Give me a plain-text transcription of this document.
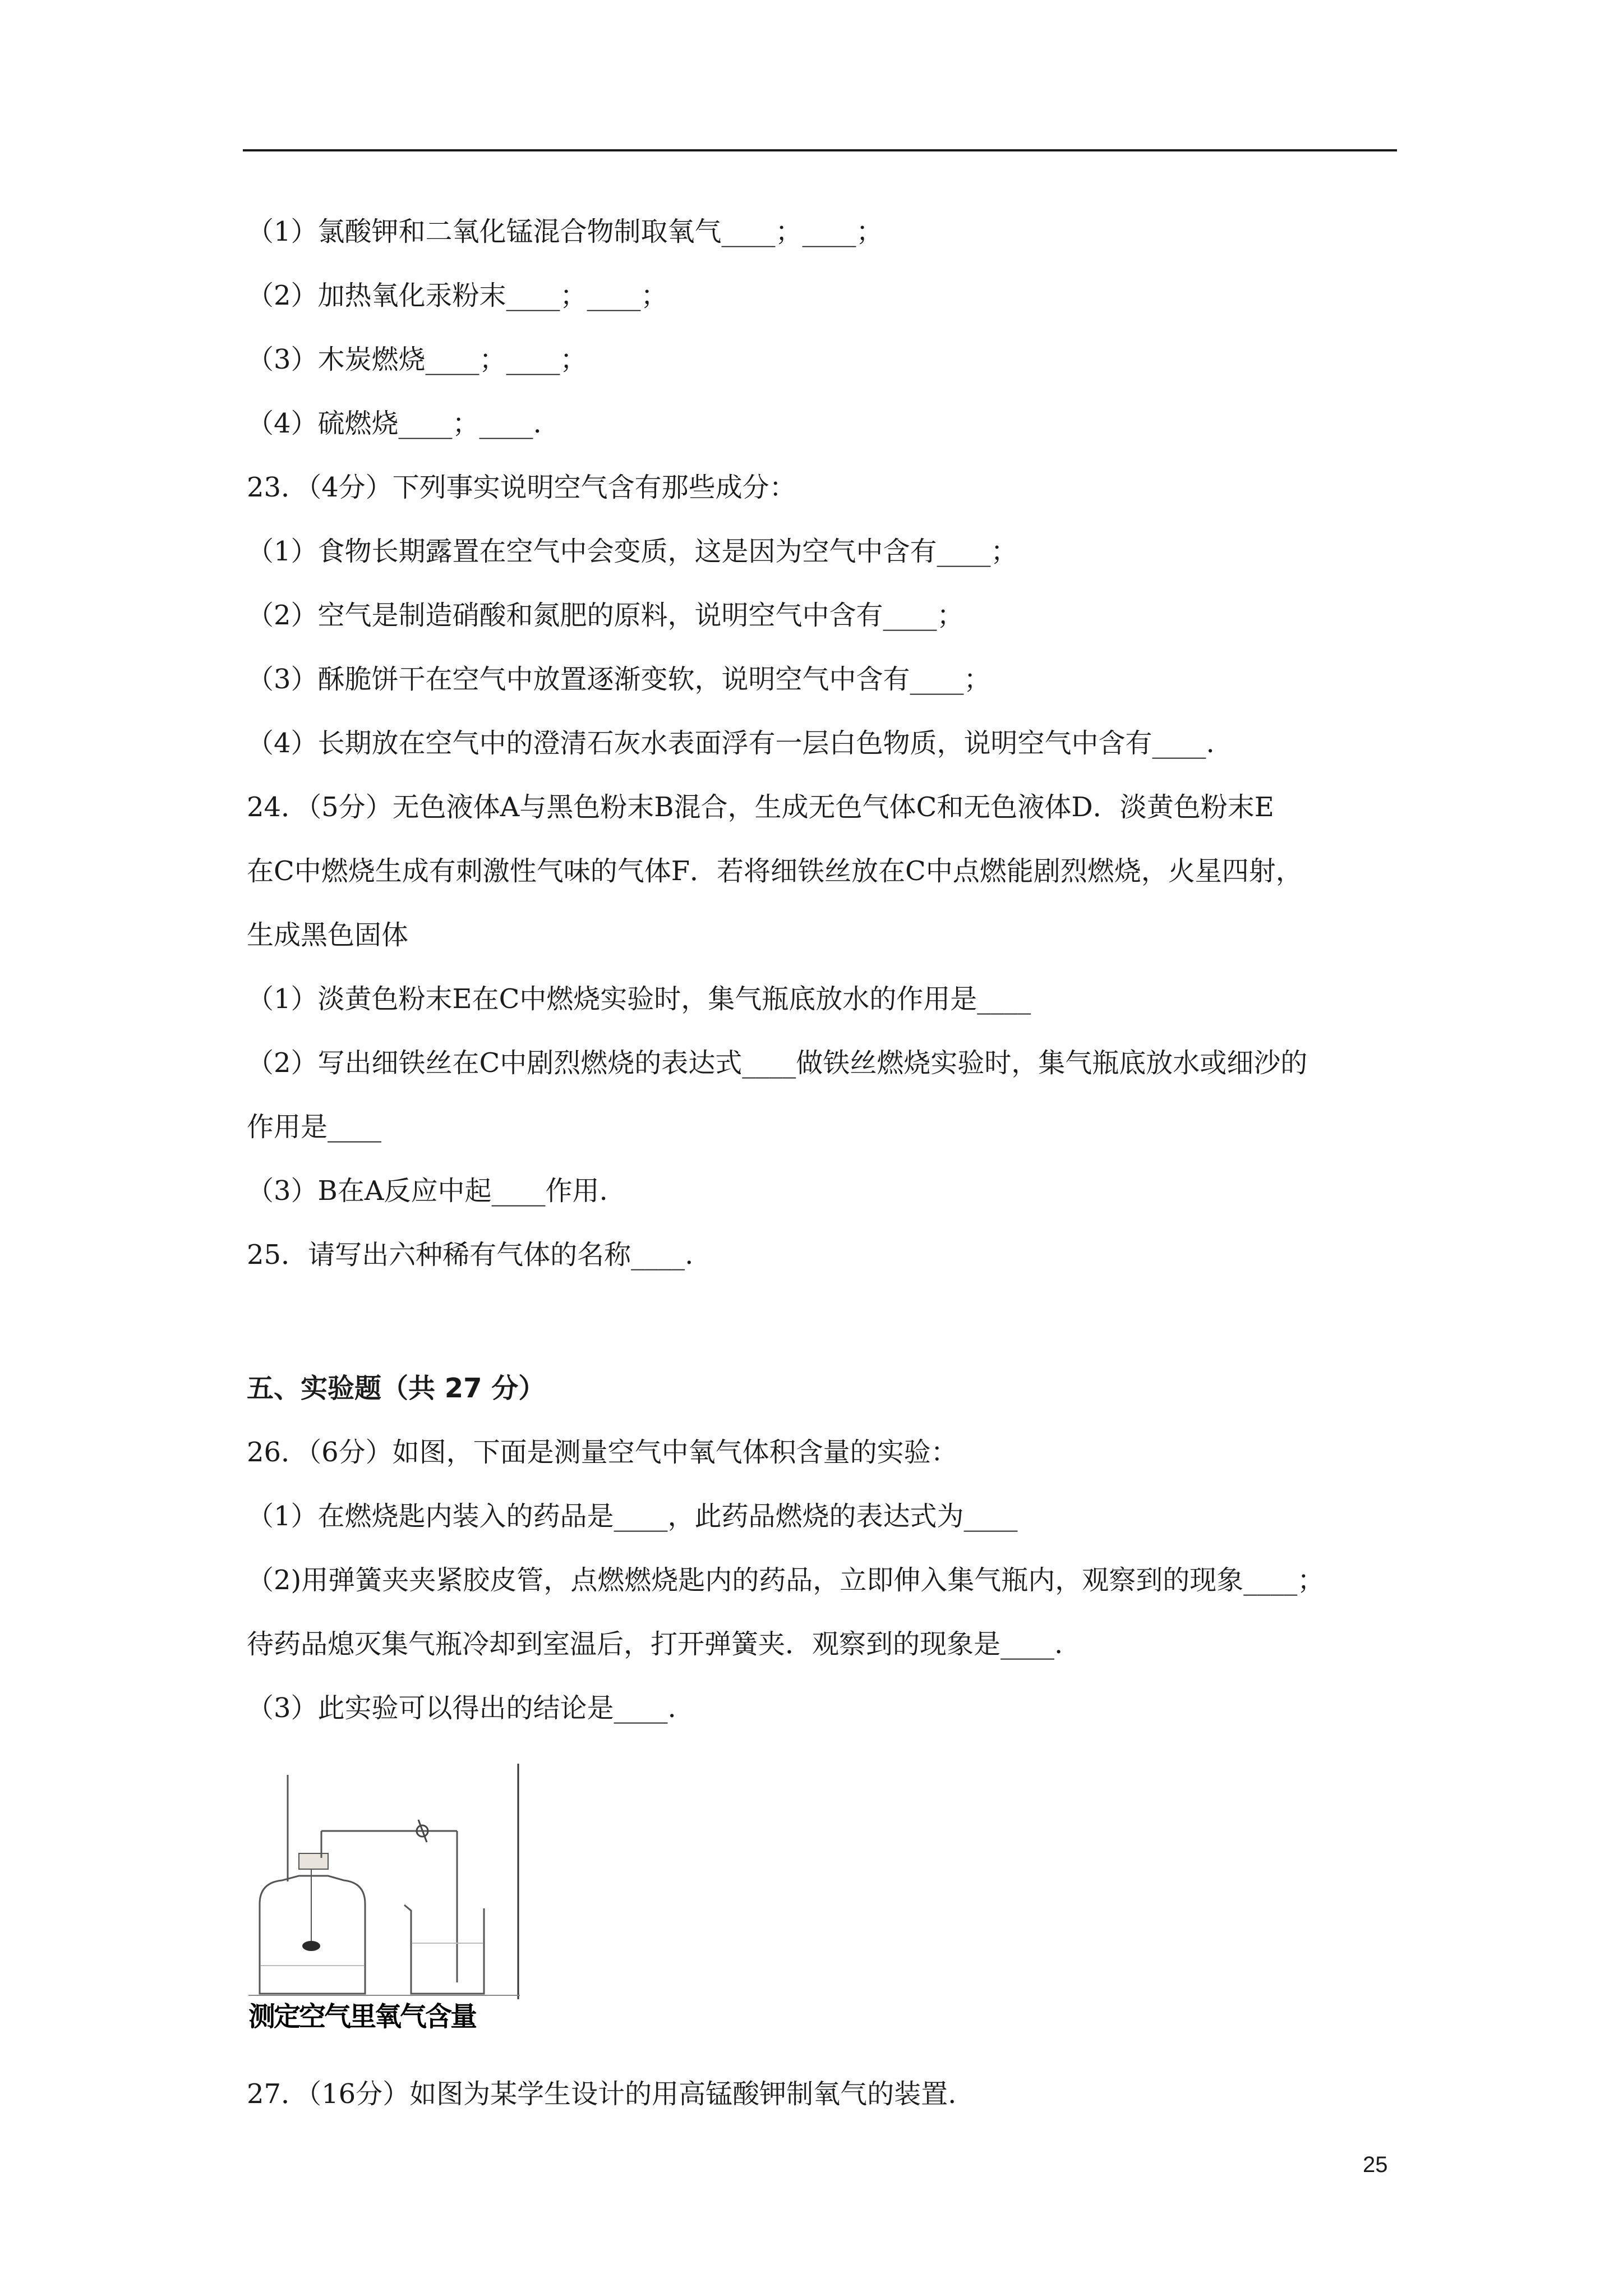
（1）氯酸钾和二氧化锰混合物制取氧气____；____；
（2）加热氧化汞粉末____；____；
（3）木炭燃烧____；____；
（4）硫燃烧____；____.
23．（4分）下列事实说明空气含有那些成分：
（1）食物长期露置在空气中会变质，这是因为空气中含有____；
（2）空气是制造硝酸和氮肥的原料，说明空气中含有____；
（3）酥脆饼干在空气中放置逐渐变软，说明空气中含有____；
（4）长期放在空气中的澄清石灰水表面浮有一层白色物质，说明空气中含有____.
24．（5分）无色液体A与黑色粉末B混合，生成无色气体C和无色液体D．淡黄色粉末E
在C中燃烧生成有刺激性气味的气体F．若将细铁丝放在C中点燃能剧烈燃烧，火星四射，
生成黑色固体
（1）淡黄色粉末E在C中燃烧实验时，集气瓶底放水的作用是____
（2）写出细铁丝在C中剧烈燃烧的表达式____做铁丝燃烧实验时，集气瓶底放水或细沙的
作用是____
（3）B在A反应中起____作用.
25．请写出六种稀有气体的名称____.
五、实验题（共 27 分）
26．（6分）如图，下面是测量空气中氧气体积含量的实验：
（1）在燃烧匙内装入的药品是____，此药品燃烧的表达式为____
（2)用弹簧夹夹紧胶皮管，点燃燃烧匙内的药品，立即伸入集气瓶内，观察到的现象____；
待药品熄灭集气瓶冷却到室温后，打开弹簧夹．观察到的现象是____.
（3）此实验可以得出的结论是____.
测定空气里氧气含量
27．（16分）如图为某学生设计的用高锰酸钾制氧气的装置.
25
